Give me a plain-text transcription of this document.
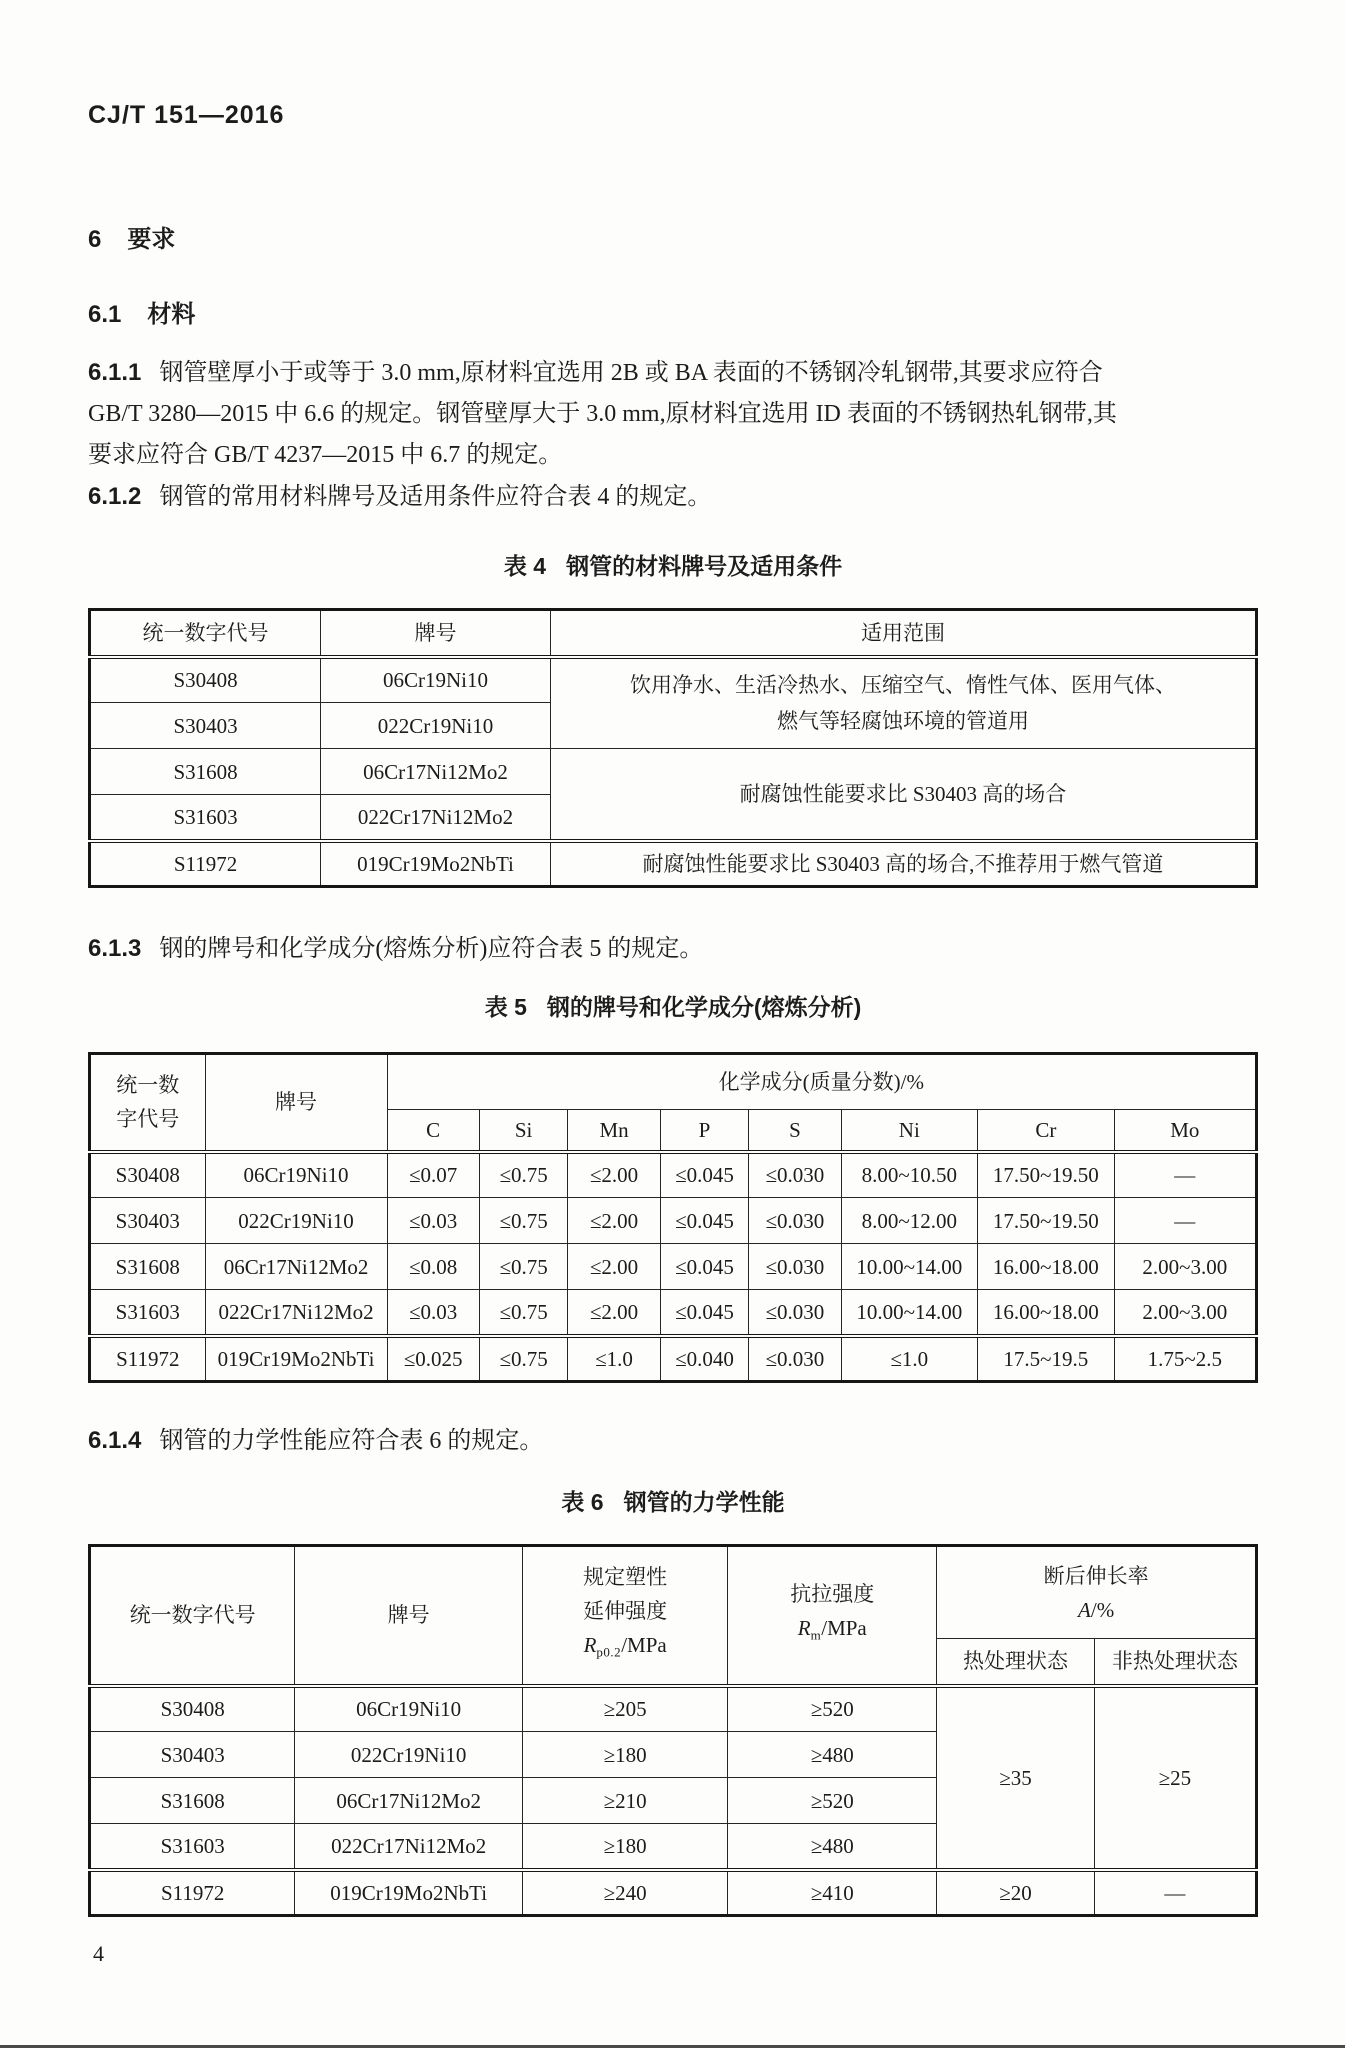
CJ/T 151—2016
6 要求
6.1 材料
6.1.1 钢管壁厚小于或等于 3.0 mm,原材料宜选用 2B 或 BA 表面的不锈钢冷轧钢带,其要求应符合
GB/T 3280—2015 中 6.6 的规定。钢管壁厚大于 3.0 mm,原材料宜选用 ID 表面的不锈钢热轧钢带,其
要求应符合 GB/T 4237—2015 中 6.7 的规定。
6.1.2 钢管的常用材料牌号及适用条件应符合表 4 的规定。
表 4 钢管的材料牌号及适用条件
统一数字代号	牌号	适用范围
S30408	06Cr19Ni10	饮用净水、生活冷热水、压缩空气、惰性气体、医用气体、
燃气等轻腐蚀环境的管道用

S30403	022Cr19Ni10	
S31608	06Cr17Ni12Mo2	耐腐蚀性能要求比 S30403 高的场合
S31603	022Cr17Ni12Mo2	
S11972	019Cr19Mo2NbTi	耐腐蚀性能要求比 S30403 高的场合,不推荐用于燃气管道
6.1.3 钢的牌号和化学成分(熔炼分析)应符合表 5 的规定。
表 5 钢的牌号和化学成分(熔炼分析)
统一数
字代号	牌号	化学成分(质量分数)/%							
		C	Si	Mn	P	S	Ni	Cr	Mo
S30408	06Cr19Ni10	≤0.07	≤0.75	≤2.00	≤0.045	≤0.030	8.00~10.50	17.50~19.50	—
S30403	022Cr19Ni10	≤0.03	≤0.75	≤2.00	≤0.045	≤0.030	8.00~12.00	17.50~19.50	—
S31608	06Cr17Ni12Mo2	≤0.08	≤0.75	≤2.00	≤0.045	≤0.030	10.00~14.00	16.00~18.00	2.00~3.00
S31603	022Cr17Ni12Mo2	≤0.03	≤0.75	≤2.00	≤0.045	≤0.030	10.00~14.00	16.00~18.00	2.00~3.00
S11972	019Cr19Mo2NbTi	≤0.025	≤0.75	≤1.0	≤0.040	≤0.030	≤1.0	17.5~19.5	1.75~2.5
6.1.4 钢管的力学性能应符合表 6 的规定。
表 6 钢管的力学性能
统一数字代号	牌号	
规定塑性
延伸强度
$R_{p0.2}$/MPa

抗拉强度
$R_m$/MPa

断后伸长率
A/%

				热处理状态	非热处理状态
S30408	06Cr19Ni10	≥205	≥520	≥35	≥25
S30403	022Cr19Ni10	≥180	≥480		
S31608	06Cr17Ni12Mo2	≥210	≥520		
S31603	022Cr17Ni12Mo2	≥180	≥480		
S11972	019Cr19Mo2NbTi	≥240	≥410	≥20	—
4
